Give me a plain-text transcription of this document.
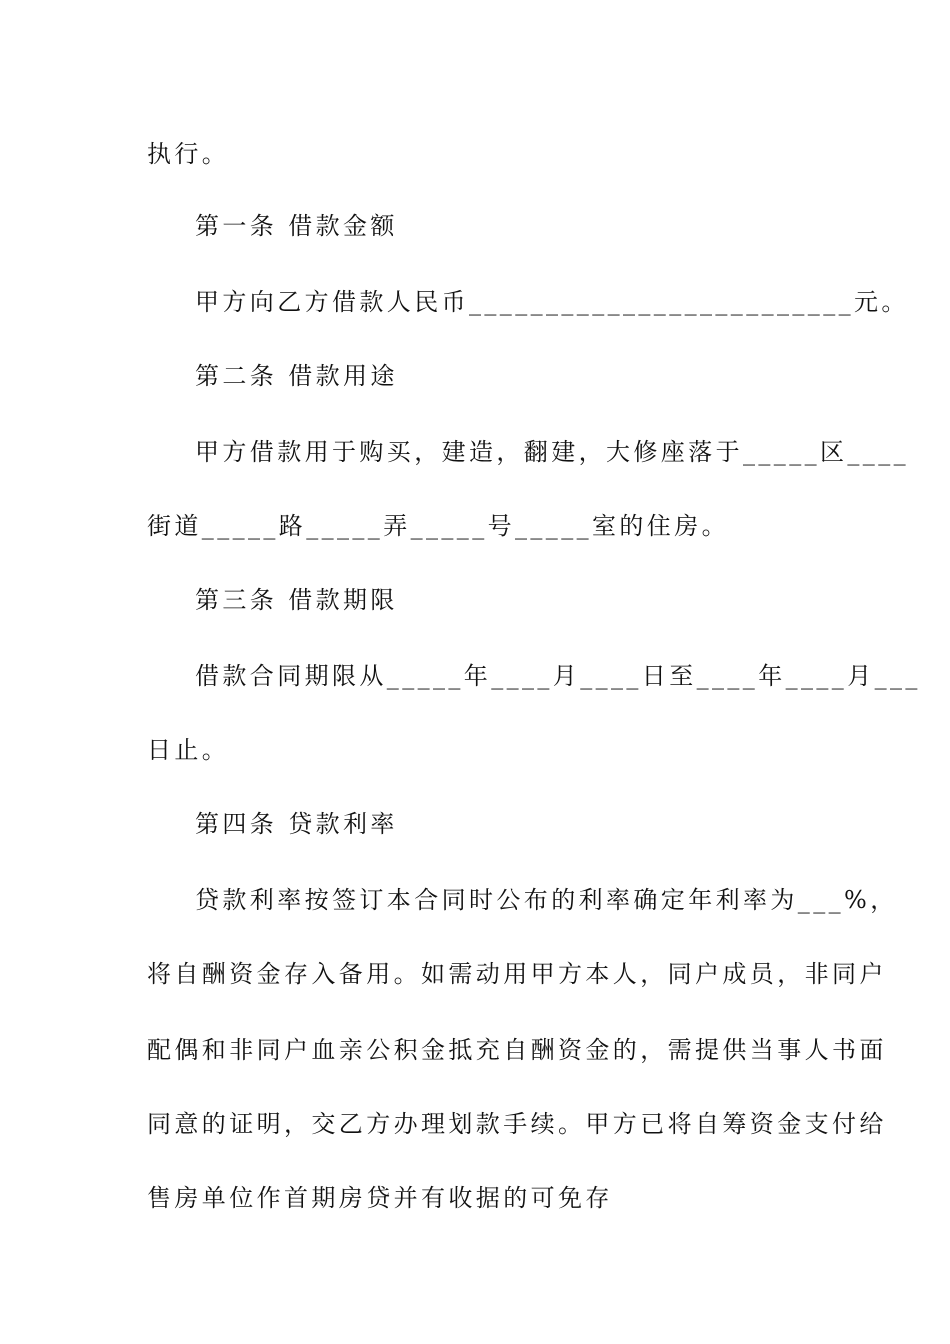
执行。
第一条 借款金额
甲方向乙方借款人民币_________________________元。
第二条 借款用途
甲方借款用于购买，建造，翻建，大修座落于_____区____
街道_____路_____弄_____号_____室的住房。
第三条 借款期限
借款合同期限从_____年____月____日至____年____月___
日止。
第四条 贷款利率
贷款利率按签订本合同时公布的利率确定年利率为___%，
将自酬资金存入备用。如需动用甲方本人，同户成员，非同户
配偶和非同户血亲公积金抵充自酬资金的，需提供当事人书面
同意的证明，交乙方办理划款手续。甲方已将自筹资金支付给
售房单位作首期房贷并有收据的可免存
